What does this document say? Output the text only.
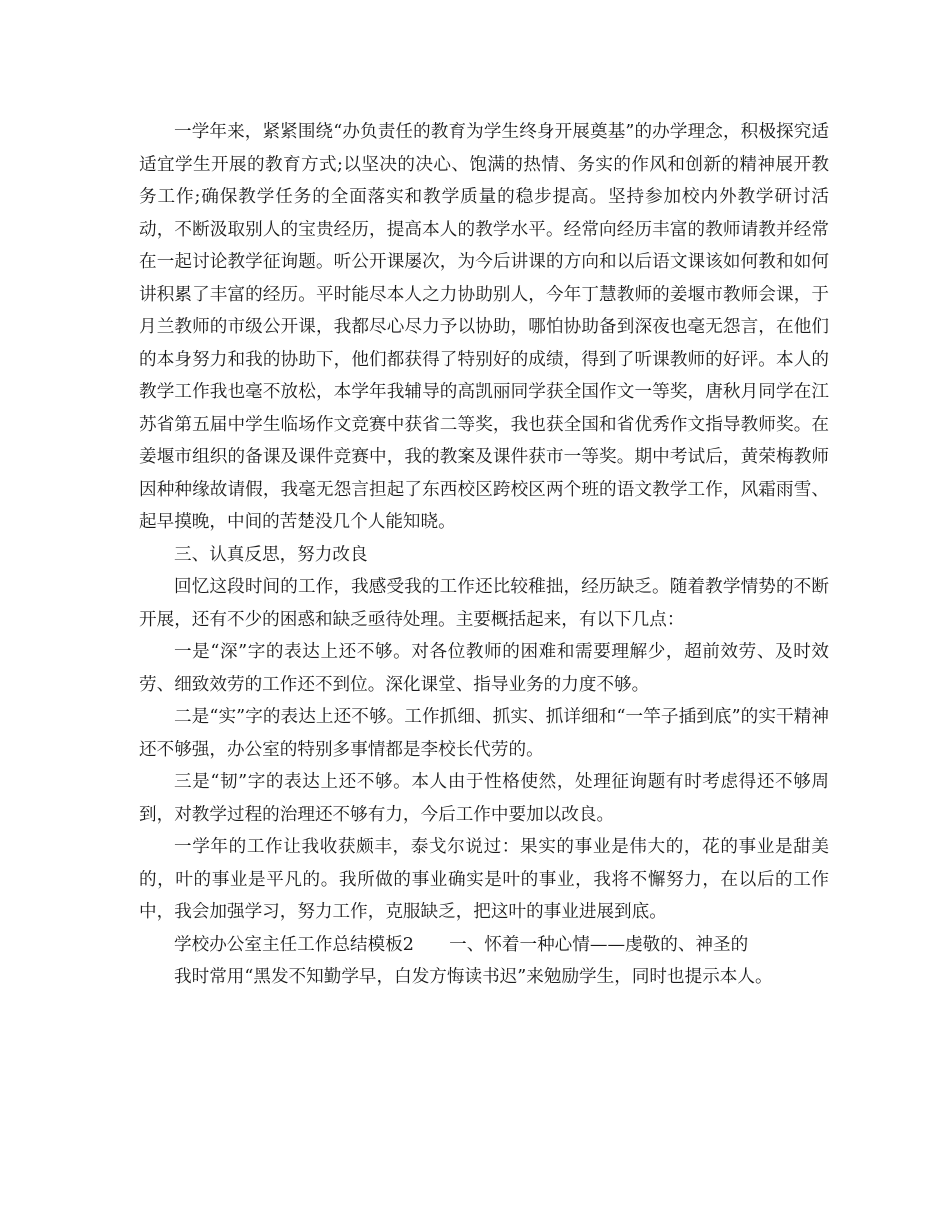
一学年来，紧紧围绕“办负责任的教育为学生终身开展奠基”的办学理念，积极探究适适宜学生开展的教育方式;以坚决的决心、饱满的热情、务实的作风和创新的精神展开教务工作;确保教学任务的全面落实和教学质量的稳步提高。坚持参加校内外教学研讨活动，不断汲取别人的宝贵经历，提高本人的教学水平。经常向经历丰富的教师请教并经常在一起讨论教学征询题。听公开课屡次，为今后讲课的方向和以后语文课该如何教和如何讲积累了丰富的经历。平时能尽本人之力协助别人，今年丁慧教师的姜堰市教师会课，于月兰教师的市级公开课，我都尽心尽力予以协助，哪怕协助备到深夜也毫无怨言，在他们的本身努力和我的协助下，他们都获得了特别好的成绩，得到了听课教师的好评。本人的教学工作我也毫不放松，本学年我辅导的高凯丽同学获全国作文一等奖，唐秋月同学在江苏省第五届中学生临场作文竞赛中获省二等奖，我也获全国和省优秀作文指导教师奖。在姜堰市组织的备课及课件竞赛中，我的教案及课件获市一等奖。期中考试后，黄荣梅教师因种种缘故请假，我毫无怨言担起了东西校区跨校区两个班的语文教学工作，风霜雨雪、起早摸晚，中间的苦楚没几个人能知晓。

三、认真反思，努力改良

回忆这段时间的工作，我感受我的工作还比较稚拙，经历缺乏。随着教学情势的不断开展，还有不少的困惑和缺乏亟待处理。主要概括起来，有以下几点：

一是“深”字的表达上还不够。对各位教师的困难和需要理解少，超前效劳、及时效劳、细致效劳的工作还不到位。深化课堂、指导业务的力度不够。

二是“实”字的表达上还不够。工作抓细、抓实、抓详细和“一竿子插到底”的实干精神还不够强，办公室的特别多事情都是李校长代劳的。

三是“韧”字的表达上还不够。本人由于性格使然，处理征询题有时考虑得还不够周到，对教学过程的治理还不够有力，今后工作中要加以改良。

一学年的工作让我收获颇丰，泰戈尔说过：果实的事业是伟大的，花的事业是甜美的，叶的事业是平凡的。我所做的事业确实是叶的事业，我将不懈努力，在以后的工作中，我会加强学习，努力工作，克服缺乏，把这叶的事业进展到底。

学校办公室主任工作总结模板2　　一、怀着一种心情——虔敬的、神圣的

我时常用“黑发不知勤学早，白发方悔读书迟”来勉励学生，同时也提示本人。
